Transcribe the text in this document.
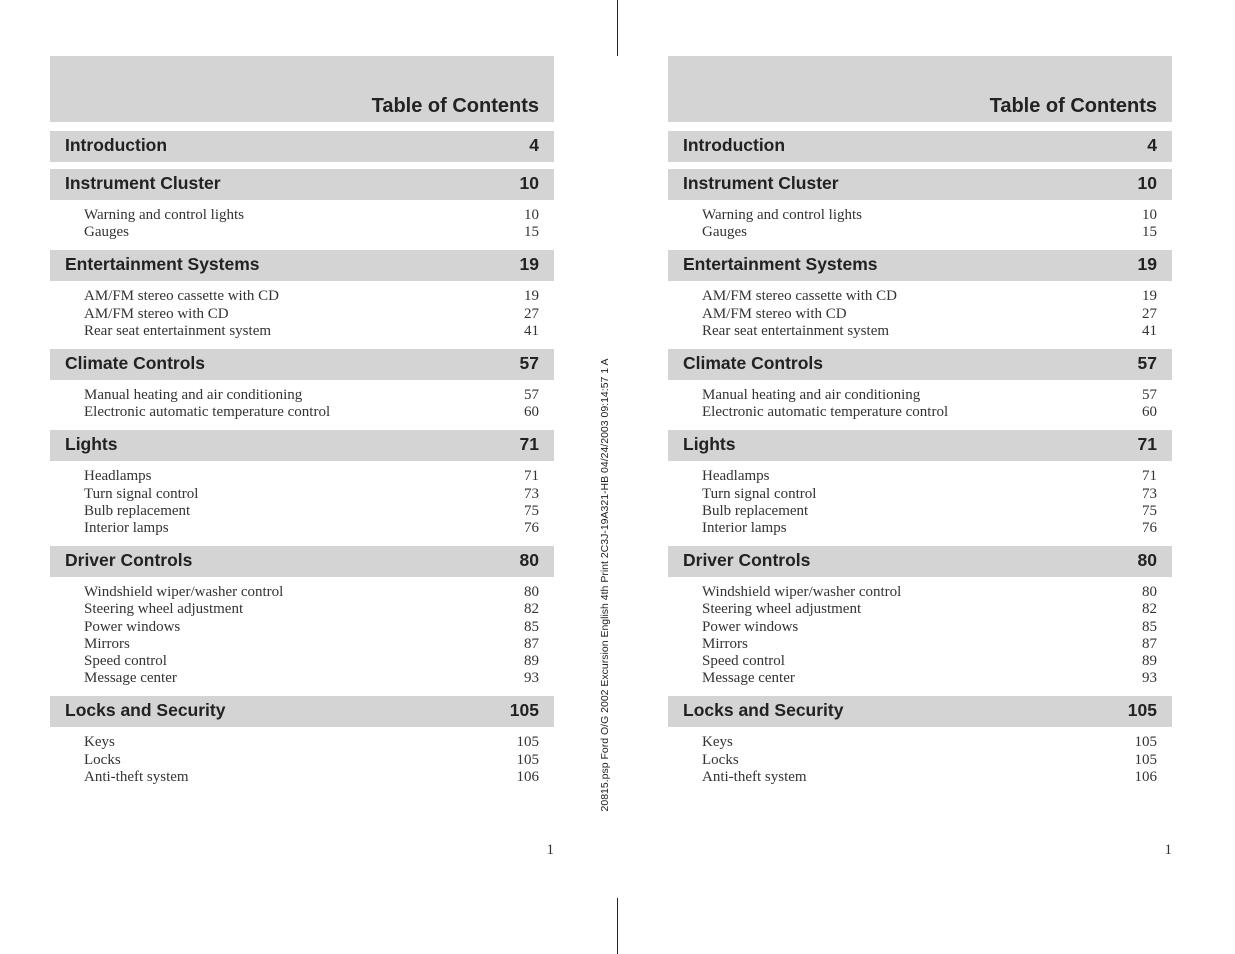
Table of Contents
1
Introduction	4
Instrument Cluster	10
Warning and control lights	10
Gauges	15
Entertainment Systems	19
AM/FM stereo cassette with CD	19
AM/FM stereo with CD	27
Rear seat entertainment system	41
Climate Controls	57
Manual heating and air conditioning	57
Electronic automatic temperature control	60
Lights	71
Headlamps	71
Turn signal control	73
Bulb replacement	75
Interior lamps	76
Driver Controls	80
Windshield wiper/washer control	80
Steering wheel adjustment	82
Power windows	85
Mirrors	87
Speed control	89
Message center	93
Locks and Security	105
Keys	105
Locks	105
Anti-theft system	106
Table of Contents
1
Introduction	4
Instrument Cluster	10
Warning and control lights	10
Gauges	15
Entertainment Systems	19
AM/FM stereo cassette with CD	19
AM/FM stereo with CD	27
Rear seat entertainment system	41
Climate Controls	57
Manual heating and air conditioning	57
Electronic automatic temperature control	60
Lights	71
Headlamps	71
Turn signal control	73
Bulb replacement	75
Interior lamps	76
Driver Controls	80
Windshield wiper/washer control	80
Steering wheel adjustment	82
Power windows	85
Mirrors	87
Speed control	89
Message center	93
Locks and Security	105
Keys	105
Locks	105
Anti-theft system	106
20815.psp Ford O/G 2002 Excursion English 4th Print 2C3J-19A321-HB 04/24/2003 09:14:57 1 A
